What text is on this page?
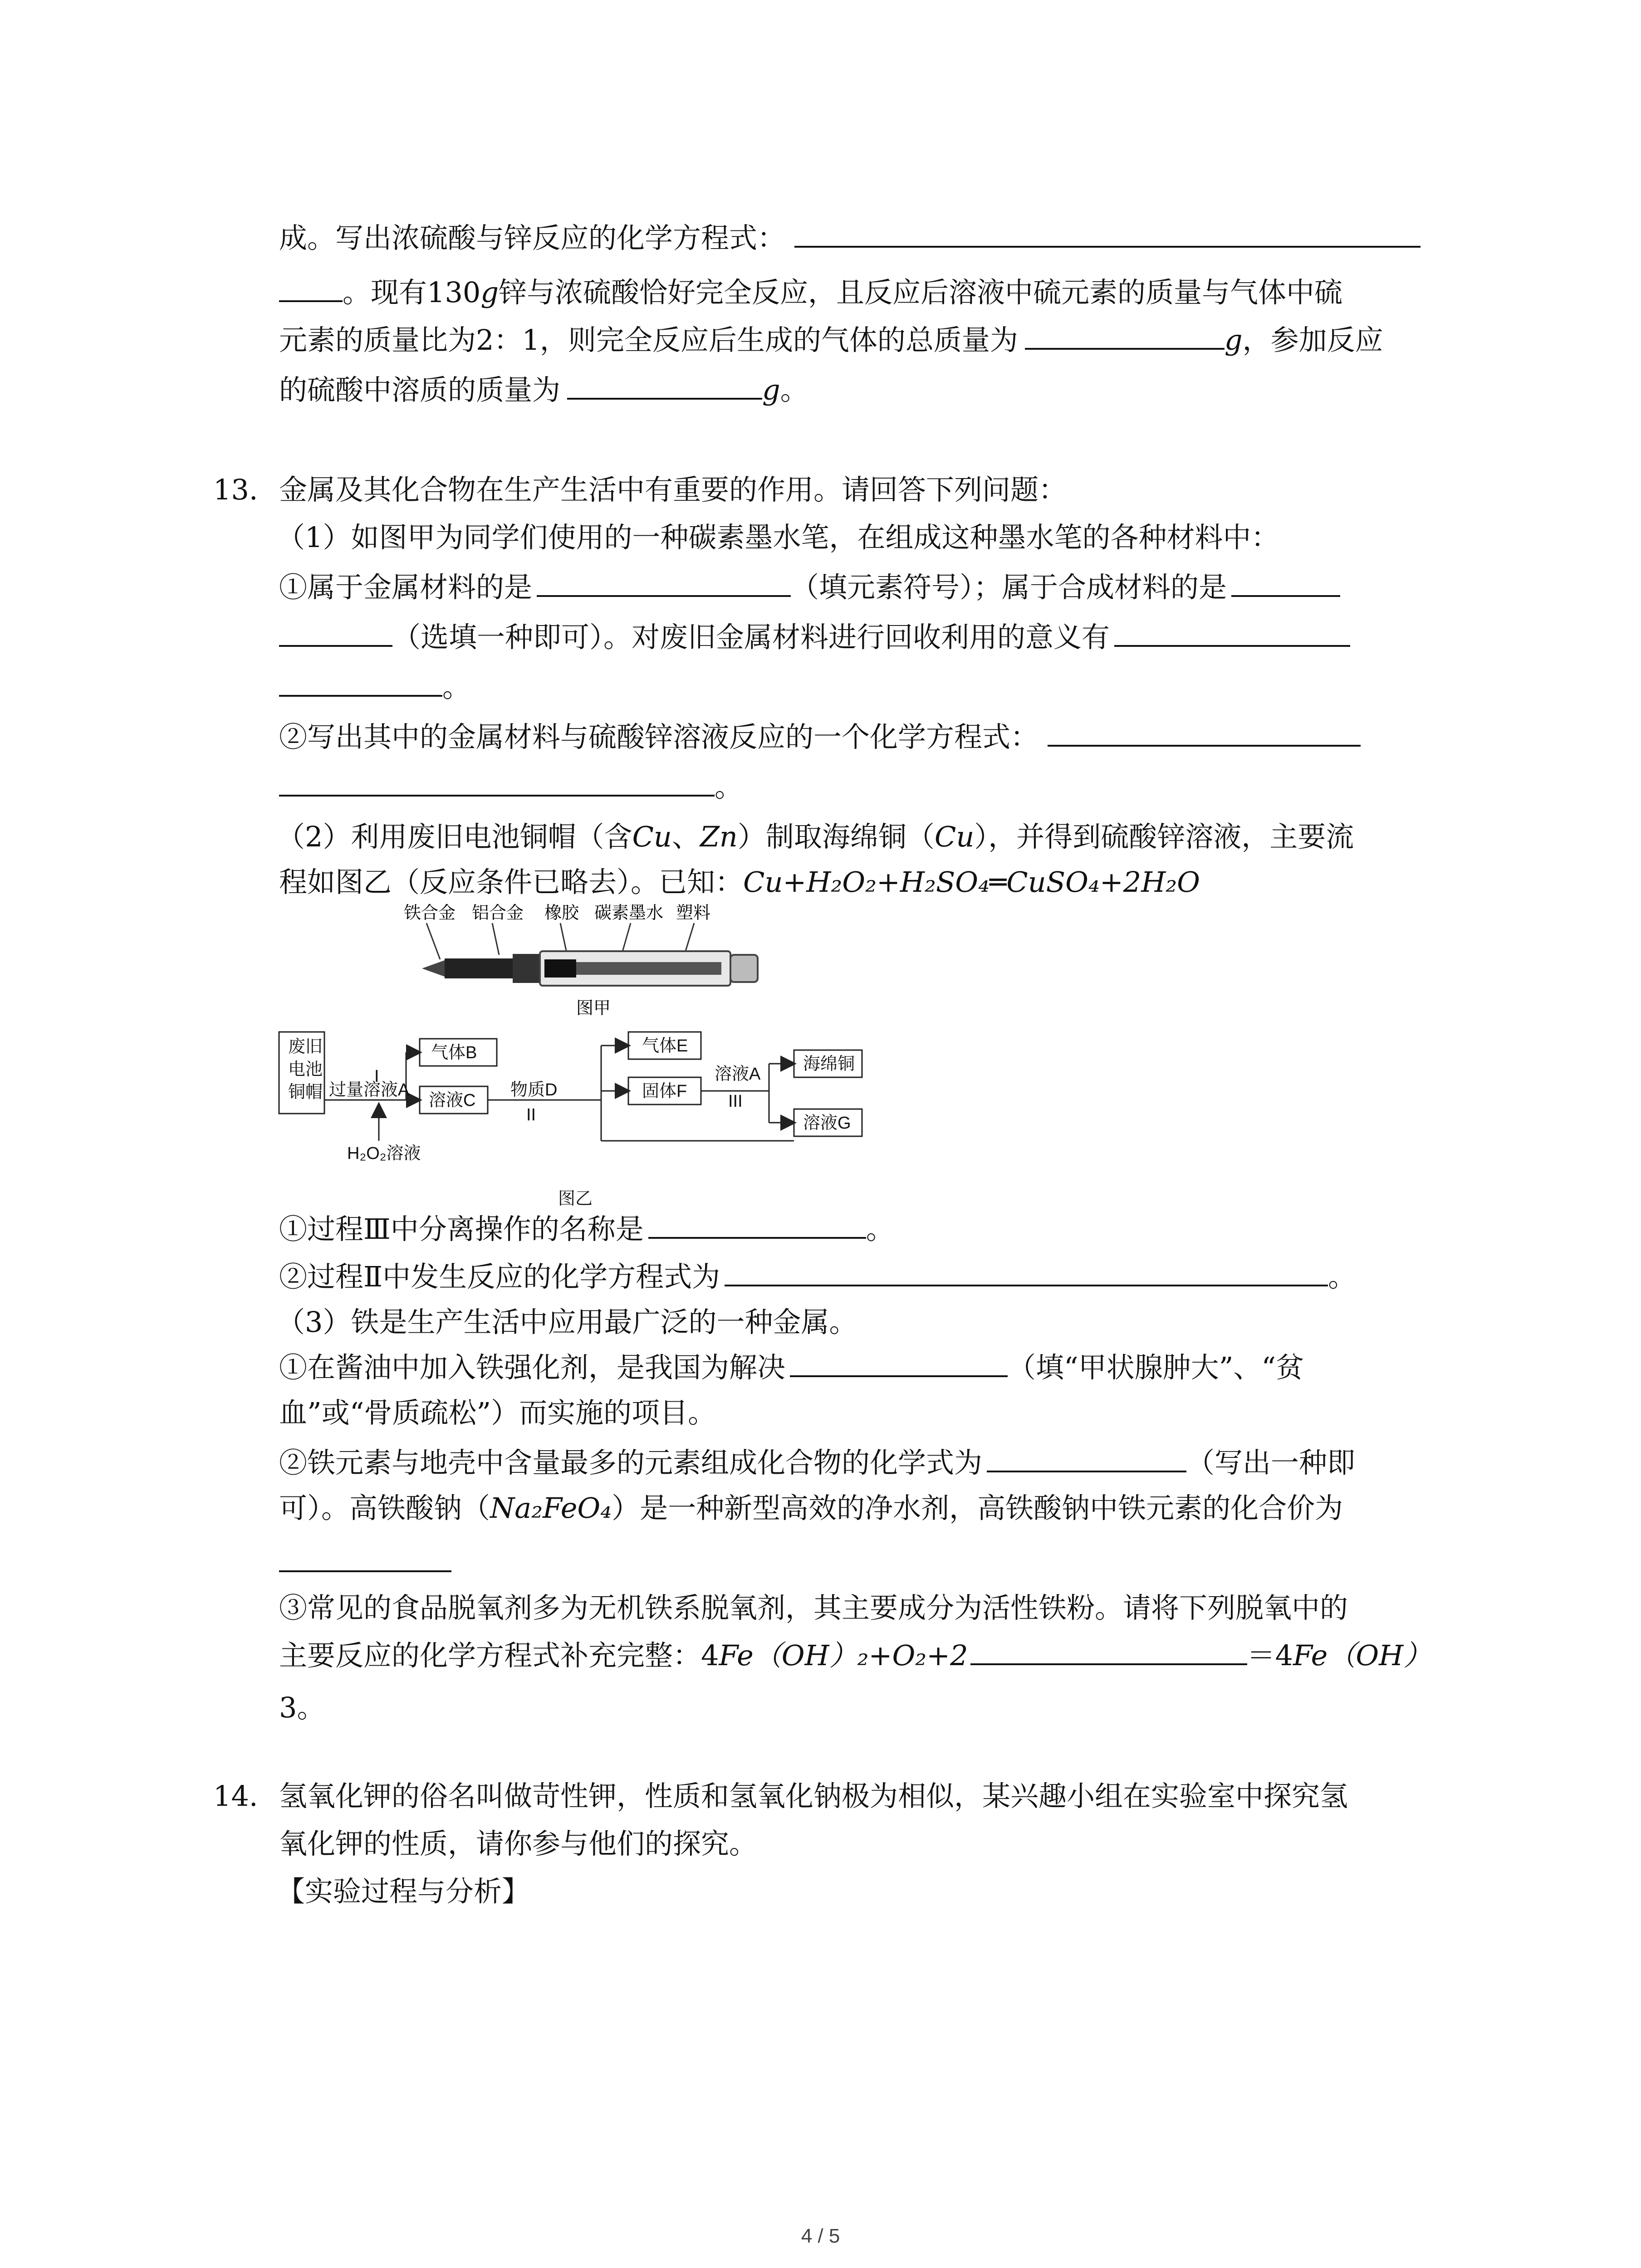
成。写出浓硫酸与锌反应的化学方程式：
。现有130g锌与浓硫酸恰好完全反应，且反应后溶液中硫元素的质量与气体中硫
元素的质量比为2：1，则完全反应后生成的气体的总质量为	g，参加反应
的硫酸中溶质的质量为	g。
13. 金属及其化合物在生产生活中有重要的作用。请回答下列问题：
（1）如图甲为同学们使用的一种碳素墨水笔，在组成这种墨水笔的各种材料中：
①属于金属材料的是	（填元素符号）；属于合成材料的是
（选填一种即可）。对废旧金属材料进行回收利用的意义有
。
②写出其中的金属材料与硫酸锌溶液反应的一个化学方程式：
。
（2）利用废旧电池铜帽（含Cu、Zn）制取海绵铜（Cu），并得到硫酸锌溶液，主要流
程如图乙（反应条件已略去）。已知：Cu+H₂O₂+H₂SO₄═CuSO₄+2H₂O
铁合金 铝合金 橡胶 碳素墨水 塑料
图甲
废旧
电池
铜帽
I
过量溶液A
气体B
溶液C
H₂O₂溶液
物质D
II
气体E
固体F
溶液A
III
海绵铜
溶液G
图乙
①过程Ⅲ中分离操作的名称是	。
②过程Ⅱ中发生反应的化学方程式为	。
（3）铁是生产生活中应用最广泛的一种金属。
①在酱油中加入铁强化剂，是我国为解决	（填“甲状腺肿大”、“贫
血”或“骨质疏松”）而实施的项目。
②铁元素与地壳中含量最多的元素组成化合物的化学式为	（写出一种即
可）。高铁酸钠（Na₂FeO₄）是一种新型高效的净水剂，高铁酸钠中铁元素的化合价为
③常见的食品脱氧剂多为无机铁系脱氧剂，其主要成分为活性铁粉。请将下列脱氧中的
主要反应的化学方程式补充完整：4Fe（OH）₂+O₂+2	＝4Fe（OH）
3。
14. 氢氧化钾的俗名叫做苛性钾，性质和氢氧化钠极为相似，某兴趣小组在实验室中探究氢
氧化钾的性质，请你参与他们的探究。
【实验过程与分析】
4 / 5
